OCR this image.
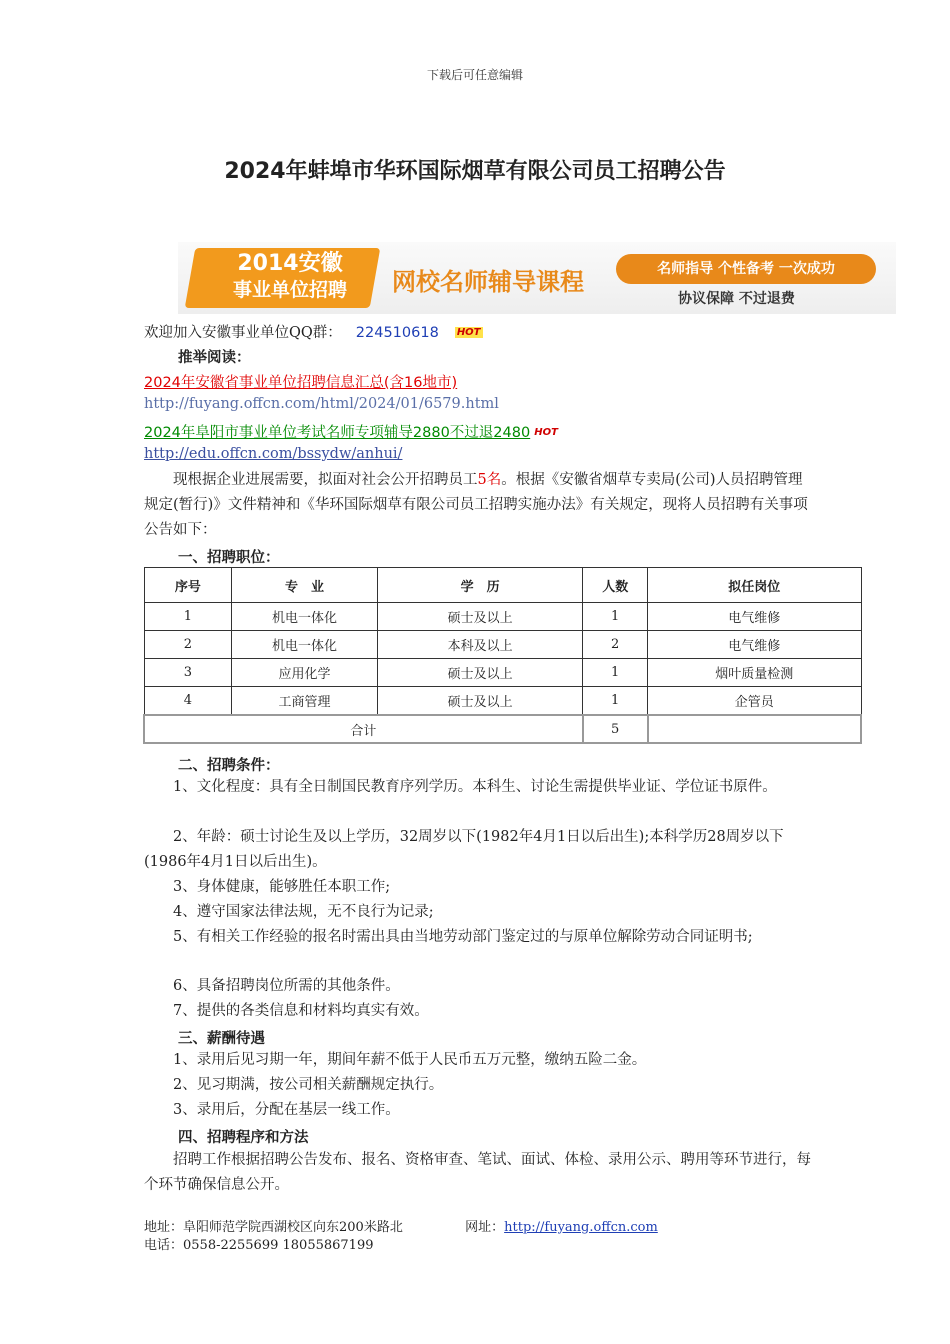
下载后可任意编辑
2024年蚌埠市华环国际烟草有限公司员工招聘公告
2014安徽
事业单位招聘	网校名师辅导课程	名师指导 个性备考 一次成功
协议保障 不过退费
欢迎加入安徽事业单位QQ群： 224510618 HOT
推举阅读：
2024年安徽省事业单位招聘信息汇总(含16地市)
http://fuyang.offcn.com/html/2024/01/6579.html
2024年阜阳市事业单位考试名师专项辅导2880不过退2480 HOT
http://edu.offcn.com/bssydw/anhui/
现根据企业进展需要，拟面对社会公开招聘员工5名。根据《安徽省烟草专卖局(公司)人员招聘管理规定(暂行)》文件精神和《华环国际烟草有限公司员工招聘实施办法》有关规定，现将人员招聘有关事项公告如下：
一、招聘职位：
序号	专　业	学　历	人数	拟任岗位
1	机电一体化	硕士及以上	1	电气维修
2	机电一体化	本科及以上	2	电气维修
3	应用化学	硕士及以上	1	烟叶质量检测
4	工商管理	硕士及以上	1	企管员
合计			5	
二、招聘条件：
1、文化程度：具有全日制国民教育序列学历。本科生、讨论生需提供毕业证、学位证书原件。
2、年龄：硕士讨论生及以上学历，32周岁以下(1982年4月1日以后出生);本科学历28周岁以下(1986年4月1日以后出生)。
3、身体健康，能够胜任本职工作;
4、遵守国家法律法规，无不良行为记录;
5、有相关工作经验的报名时需出具由当地劳动部门鉴定过的与原单位解除劳动合同证明书;
6、具备招聘岗位所需的其他条件。
7、提供的各类信息和材料均真实有效。
三、薪酬待遇
1、录用后见习期一年，期间年薪不低于人民币五万元整，缴纳五险二金。
2、见习期满，按公司相关薪酬规定执行。
3、录用后，分配在基层一线工作。
四、招聘程序和方法
招聘工作根据招聘公告发布、报名、资格审查、笔试、面试、体检、录用公示、聘用等环节进行，每个环节确保信息公开。
地址：阜阳师范学院西湖校区向东200米路北	网址：http://fuyang.offcn.com
电话：0558-2255699 18055867199
